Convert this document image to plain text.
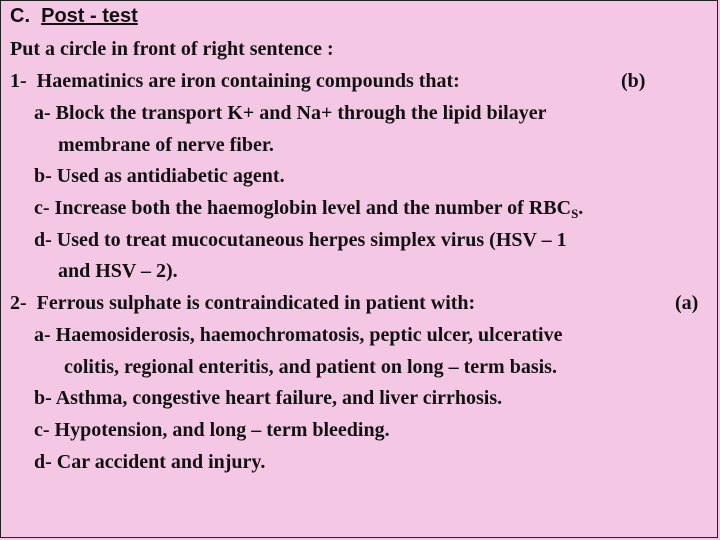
C. Post - test
Put a circle in front of right sentence :
1- Haematinics are iron containing compounds that:	(b)
a- Block the transport K+ and Na+ through the lipid bilayer
membrane of nerve fiber.
b- Used as antidiabetic agent.
c- Increase both the haemoglobin level and the number of $RBC_S$.
d- Used to treat mucocutaneous herpes simplex virus (HSV – 1
and HSV – 2).
2- Ferrous sulphate is contraindicated in patient with:	(a)
a- Haemosiderosis, haemochromatosis, peptic ulcer, ulcerative
colitis, regional enteritis, and patient on long – term basis.
b- Asthma, congestive heart failure, and liver cirrhosis.
c- Hypotension, and long – term bleeding.
d- Car accident and injury.
